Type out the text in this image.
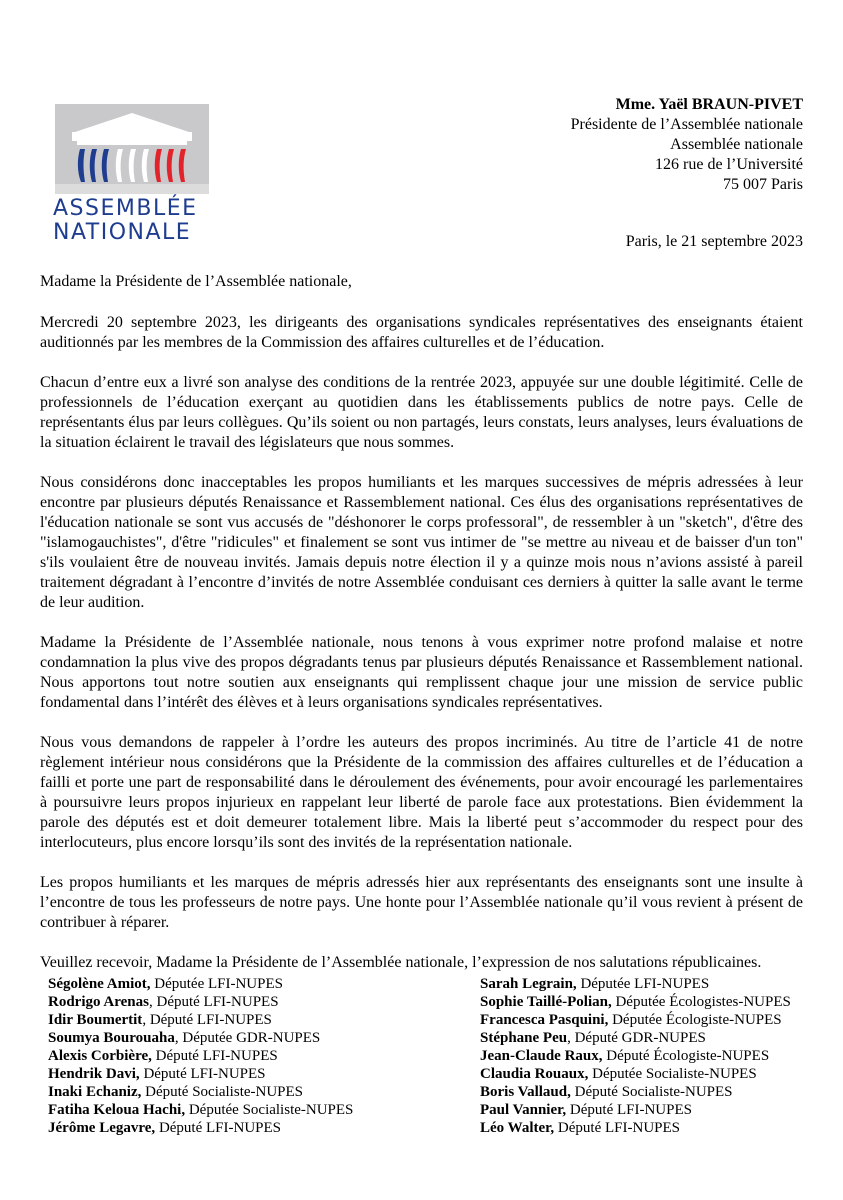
ASSEMBLÉE
NATIONALE
Mme. Yaël BRAUN-PIVET
Présidente de l’Assemblée nationale
Assemblée nationale
126 rue de l’Université
75 007 Paris
Paris, le 21 septembre 2023

Madame la Présidente de l’Assemblée nationale,

Mercredi 20 septembre 2023, les dirigeants des organisations syndicales représentatives des enseignants étaient auditionnés par les membres de la Commission des affaires culturelles et de l’éducation.

Chacun d’entre eux a livré son analyse des conditions de la rentrée 2023, appuyée sur une double légitimité. Celle de professionnels de l’éducation exerçant au quotidien dans les établissements publics de notre pays. Celle de représentants élus par leurs collègues. Qu’ils soient ou non partagés, leurs constats, leurs analyses, leurs évaluations de la situation éclairent le travail des législateurs que nous sommes.

Nous considérons donc inacceptables les propos humiliants et les marques successives de mépris adressées à leur encontre par plusieurs députés Renaissance et Rassemblement national. Ces élus des organisations représentatives de l'éducation nationale se sont vus accusés de "déshonorer le corps professoral", de ressembler à un "sketch", d'être des "islamogauchistes", d'être "ridicules" et finalement se sont vus intimer de "se mettre au niveau et de baisser d'un ton" s'ils voulaient être de nouveau invités. Jamais depuis notre élection il y a quinze mois nous n’avions assisté à pareil traitement dégradant à l’encontre d’invités de notre Assemblée conduisant ces derniers à quitter la salle avant le terme de leur audition.

Madame la Présidente de l’Assemblée nationale, nous tenons à vous exprimer notre profond malaise et notre condamnation la plus vive des propos dégradants tenus par plusieurs députés Renaissance et Rassemblement national. Nous apportons tout notre soutien aux enseignants qui remplissent chaque jour une mission de service public fondamental dans l’intérêt des élèves et à leurs organisations syndicales représentatives.

Nous vous demandons de rappeler à l’ordre les auteurs des propos incriminés. Au titre de l’article 41 de notre règlement intérieur nous considérons que la Présidente de la commission des affaires culturelles et de l’éducation a failli et porte une part de responsabilité dans le déroulement des événements, pour avoir encouragé les parlementaires à poursuivre leurs propos injurieux en rappelant leur liberté de parole face aux protestations. Bien évidemment la parole des députés est et doit demeurer totalement libre. Mais la liberté peut s’accommoder du respect pour des interlocuteurs, plus encore lorsqu’ils sont des invités de la représentation nationale.

Les propos humiliants et les marques de mépris adressés hier aux représentants des enseignants sont une insulte à l’encontre de tous les professeurs de notre pays. Une honte pour l’Assemblée nationale qu’il vous revient à présent de contribuer à réparer.

Veuillez recevoir, Madame la Présidente de l’Assemblée nationale, l’expression de nos salutations républicaines.

Ségolène Amiot, Députée LFI-NUPES
Rodrigo Arenas, Député LFI-NUPES
Idir Boumertit, Député LFI-NUPES
Soumya Bourouaha, Députée GDR-NUPES
Alexis Corbière, Député LFI-NUPES
Hendrik Davi, Député LFI-NUPES
Inaki Echaniz, Député Socialiste-NUPES
Fatiha Keloua Hachi, Députée Socialiste-NUPES
Jérôme Legavre, Député LFI-NUPES
Sarah Legrain, Députée LFI-NUPES
Sophie Taillé-Polian, Députée Écologistes-NUPES
Francesca Pasquini, Députée Écologiste-NUPES
Stéphane Peu, Député GDR-NUPES
Jean-Claude Raux, Député Écologiste-NUPES
Claudia Rouaux, Députée Socialiste-NUPES
Boris Vallaud, Député Socialiste-NUPES
Paul Vannier, Député LFI-NUPES
Léo Walter, Député LFI-NUPES
